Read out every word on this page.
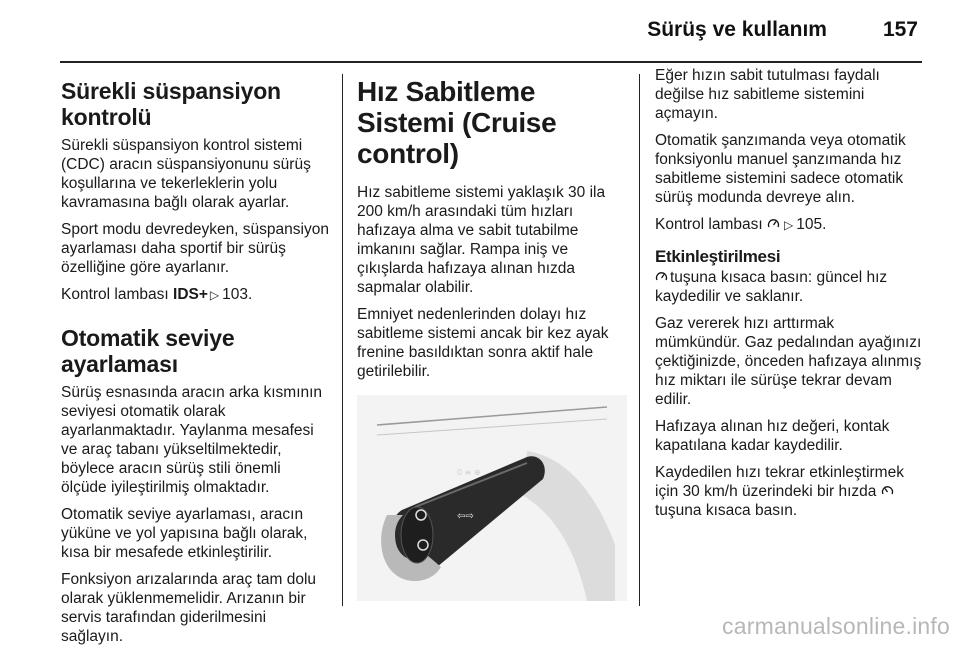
Sürüş ve kullanım	157
Sürekli süspansiyon kontrolü

Sürekli süspansiyon kontrol sistemi (CDC) aracın süspansiyonunu sürüş koşullarına ve tekerleklerin yolu kavramasına bağlı olarak ayarlar.

Sport modu devredeyken, süspansiyon ayarlaması daha sportif bir sürüş özelliğine göre ayarlanır.

Kontrol lambası IDS+ ▷ 103.

Otomatik seviye ayarlaması

Sürüş esnasında aracın arka kısmının seviyesi otomatik olarak ayarlanmaktadır. Yaylanma mesafesi ve araç tabanı yükseltilmektedir, böylece aracın sürüş stili önemli ölçüde iyileştirilmiş olmaktadır.

Otomatik seviye ayarlaması, aracın yüküne ve yol yapısına bağlı olarak, kısa bir mesafede etkinleştirilir.

Fonksiyon arızalarında araç tam dolu olarak yüklenmemelidir. Arızanın bir servis tarafından giderilmesini sağlayın.

Hız Sabitleme Sistemi (Cruise control)

Hız sabitleme sistemi yaklaşık 30 ila 200 km/h arasındaki tüm hızları hafızaya alma ve sabit tutabilme imkanını sağlar. Rampa iniş ve çıkışlarda hafızaya alınan hızda sapmalar olabilir.

Emniyet nedenlerinden dolayı hız sabitleme sistemi ancak bir kez ayak frenine basıldıktan sonra aktif hale getirilebilir.

⇦⇨
0 ≡ ⊕

Eğer hızın sabit tutulması faydalı değilse hız sabitleme sistemini açmayın.

Otomatik şanzımanda veya otomatik fonksiyonlu manuel şanzımanda hız sabitleme sistemini sadece otomatik sürüş modunda devreye alın.

Kontrol lambası ▷ 105.

Etkinleştirilmesi

tuşuna kısaca basın: güncel hız kaydedilir ve saklanır.

Gaz vererek hızı arttırmak mümkündür. Gaz pedalından ayağınızı çektiğinizde, önceden hafızaya alınmış hız miktarı ile sürüşe tekrar devam edilir.

Hafızaya alınan hız değeri, kontak kapatılana kadar kaydedilir.

Kaydedilen hızı tekrar etkinleştirmek için 30 km/h üzerindeki bir hızda  tuşuna kısaca basın.

carmanualsonline.info
